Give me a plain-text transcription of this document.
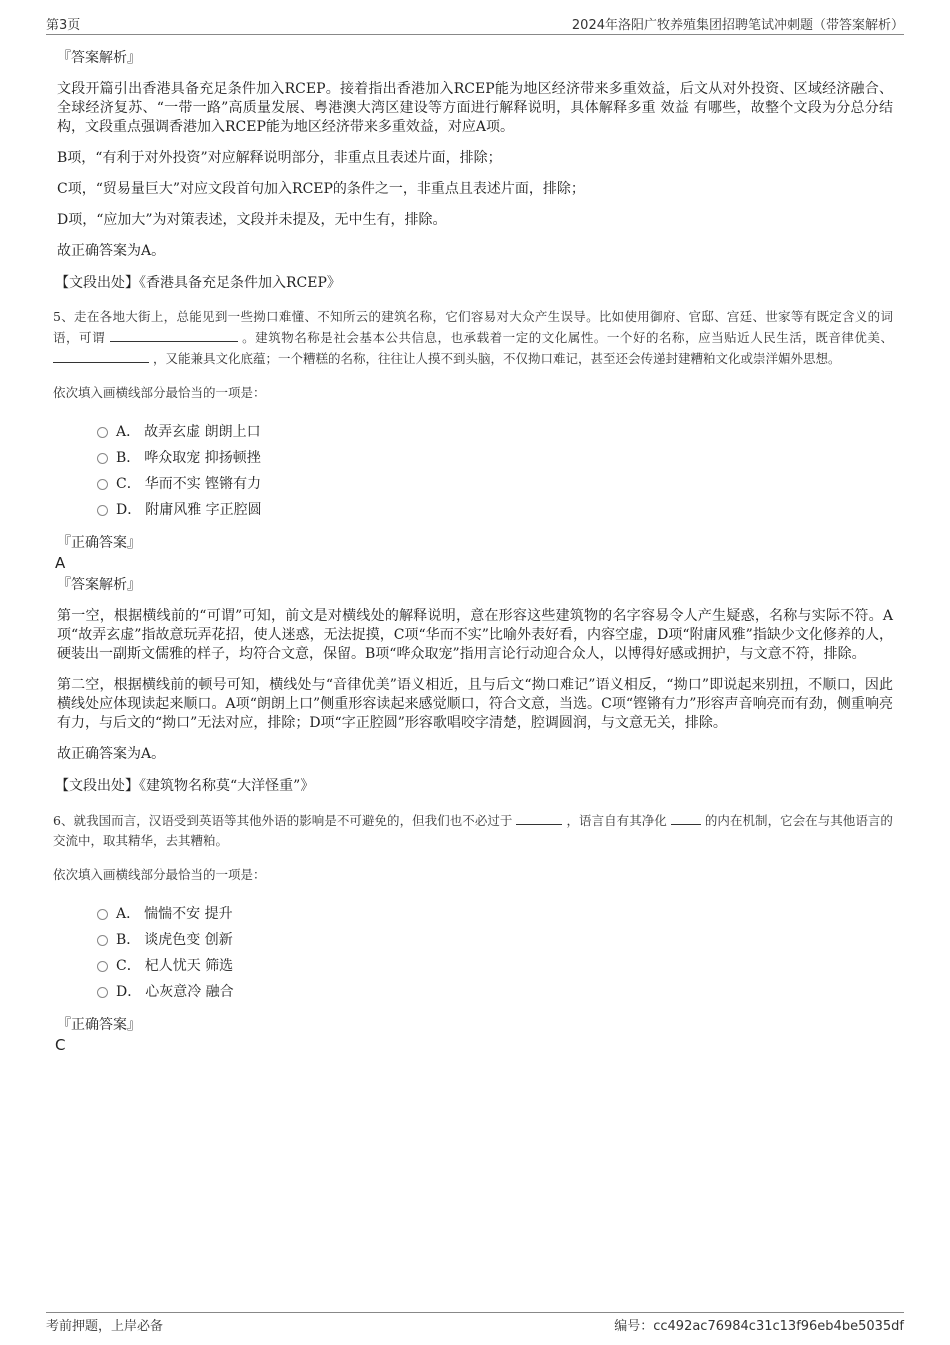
第3页	2024年洛阳广牧养殖集团招聘笔试冲刺题（带答案解析）

『答案解析』

文段开篇引出香港具备充足条件加入RCEP。接着指出香港加入RCEP能为地区经济带来多重效益，后文从对外投资、区域经济融合、全球经济复苏、“一带一路”高质量发展、粤港澳大湾区建设等方面进行解释说明，具体解释多重 效益 有哪些，故整个文段为分总分结构，文段重点强调香港加入RCEP能为地区经济带来多重效益，对应A项。

B项，“有利于对外投资”对应解释说明部分，非重点且表述片面，排除；

C项，“贸易量巨大”对应文段首句加入RCEP的条件之一，非重点且表述片面，排除；

D项，“应加大”为对策表述，文段并未提及，无中生有，排除。

故正确答案为A。

【文段出处】《香港具备充足条件加入RCEP》

5、走在各地大街上，总能见到一些拗口难懂、不知所云的建筑名称，它们容易对大众产生误导。比如使用御府、官邸、宫廷、世家等有既定含义的词语，可谓	。建筑物名称是社会基本公共信息，也承载着一定的文化属性。一个好的名称，应当贴近人民生活，既音律优美、  ，又能兼具文化底蕴；一个糟糕的名称，往往让人摸不到头脑，不仅拗口难记，甚至还会传递封建糟粕文化或崇洋媚外思想。

依次填入画横线部分最恰当的一项是：

A． 故弄玄虚 朗朗上口
B． 哗众取宠 抑扬顿挫
C． 华而不实 铿锵有力
D． 附庸风雅 字正腔圆

『正确答案』

A

『答案解析』

第一空，根据横线前的“可谓”可知，前文是对横线处的解释说明，意在形容这些建筑物的名字容易令人产生疑惑，名称与实际不符。A项“故弄玄虚”指故意玩弄花招，使人迷惑，无法捉摸，C项“华而不实”比喻外表好看，内容空虚，D项“附庸风雅”指缺少文化修养的人，硬装出一副斯文儒雅的样子，均符合文意，保留。B项“哗众取宠”指用言论行动迎合众人，以博得好感或拥护，与文意不符，排除。

第二空，根据横线前的顿号可知，横线处与“音律优美”语义相近，且与后文“拗口难记”语义相反，“拗口”即说起来别扭，不顺口，因此横线处应体现读起来顺口。A项“朗朗上口”侧重形容读起来感觉顺口，符合文意，当选。C项“铿锵有力”形容声音响亮而有劲，侧重响亮有力，与后文的“拗口”无法对应，排除；D项“字正腔圆”形容歌唱咬字清楚，腔调圆润，与文意无关，排除。

故正确答案为A。

【文段出处】《建筑物名称莫“大洋怪重”》

6、就我国而言，汉语受到英语等其他外语的影响是不可避免的，但我们也不必过于	，语言自有其净化	的内在机制，它会在与其他语言的交流中，取其精华，去其糟粕。

依次填入画横线部分最恰当的一项是：

A． 惴惴不安 提升
B． 谈虎色变 创新
C． 杞人忧天 筛选
D． 心灰意冷 融合

『正确答案』

C

考前押题，上岸必备	编号：cc492ac76984c31c13f96eb4be5035df
